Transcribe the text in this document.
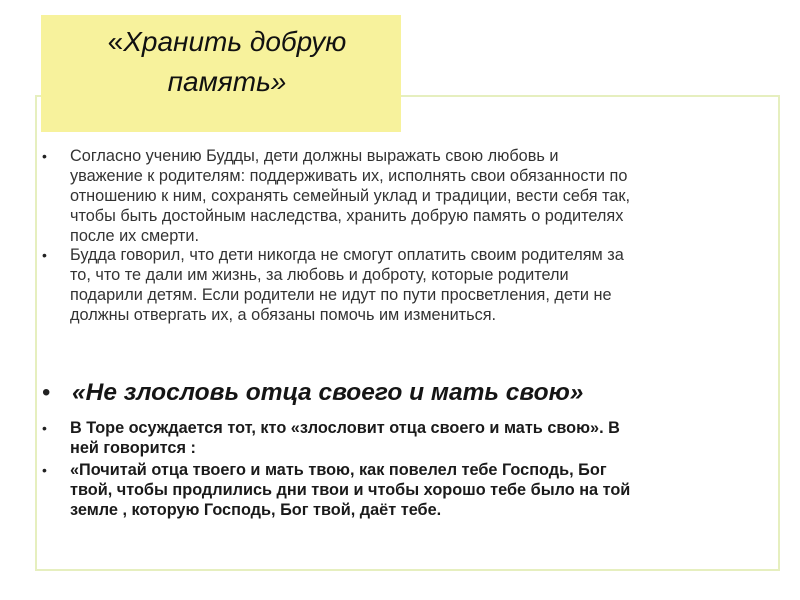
«Хранить добрую
память»
• Согласно учению Будды, дети должны выражать свою любовь и
уважение к родителям: поддерживать их, исполнять свои обязанности по
отношению к ним, сохранять семейный уклад и традиции, вести себя так,
чтобы быть достойным наследства, хранить добрую память о родителях
после их смерти.
• Будда говорил, что дети никогда не смогут оплатить своим родителям за
то, что те дали им жизнь, за любовь и доброту, которые родители
подарили детям. Если родители не идут по пути просветления, дети не
должны отвергать их, а обязаны помочь им измениться.
• «Не злословь отца своего и мать свою»
• В Торе осуждается тот, кто «злословит отца своего и мать свою». В
ней говорится :
• «Почитай отца твоего и мать твою, как повелел тебе Господь, Бог
твой, чтобы продлились дни твои и чтобы хорошо тебе было на той
земле , которую Господь, Бог твой, даёт тебе.
